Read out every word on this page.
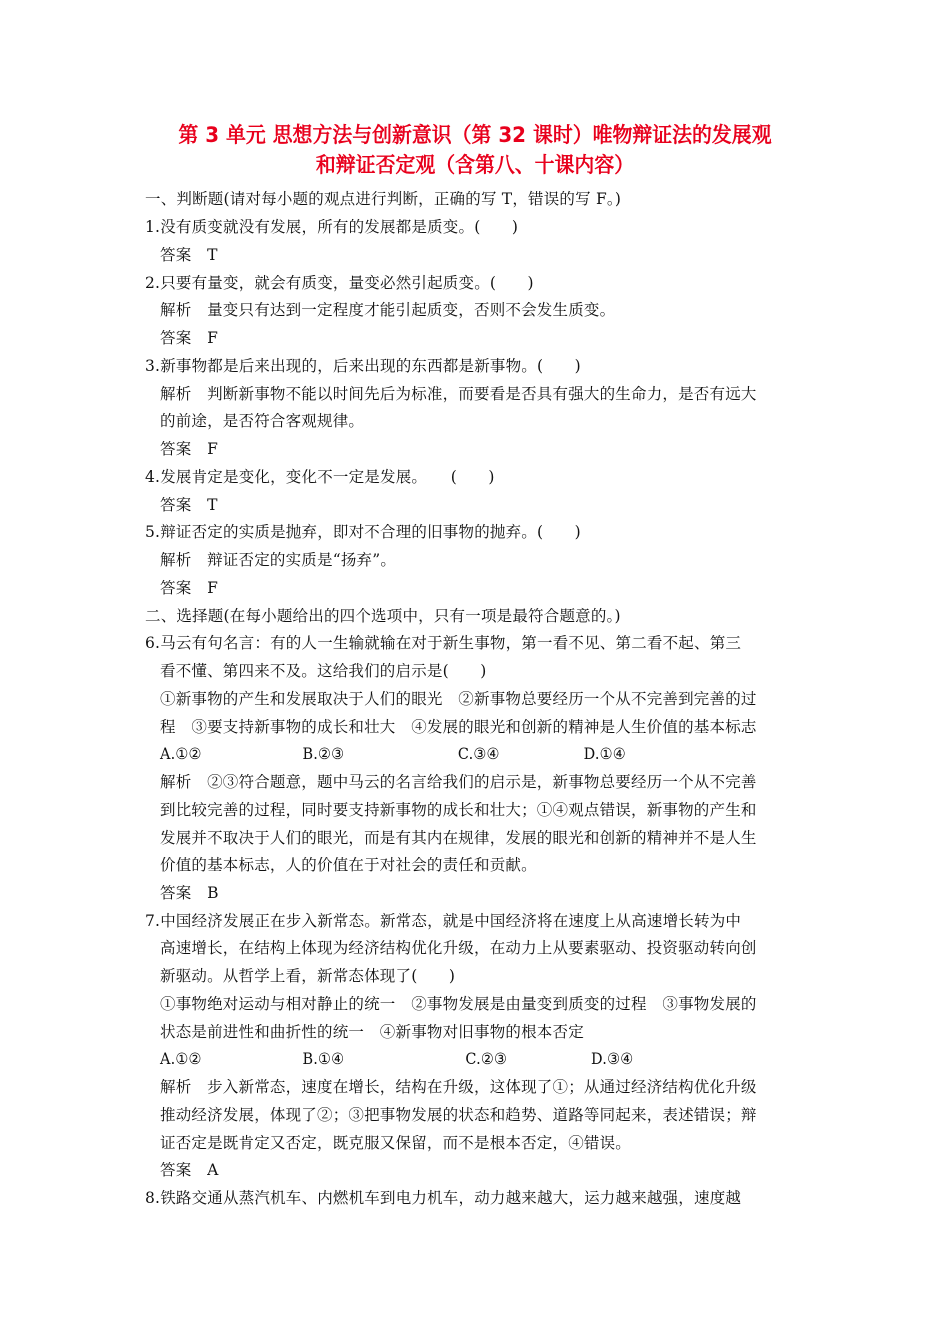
第 3 单元 思想方法与创新意识（第 32 课时）唯物辩证法的发展观
和辩证否定观（含第八、十课内容）
一、判断题(请对每小题的观点进行判断，正确的写 T，错误的写 F。)
1.没有质变就没有发展，所有的发展都是质变。(　　)
答案　T
2.只要有量变，就会有质变，量变必然引起质变。(　　)
解析　量变只有达到一定程度才能引起质变，否则不会发生质变。
答案　F
3.新事物都是后来出现的，后来出现的东西都是新事物。(　　)
解析　判断新事物不能以时间先后为标准，而要看是否具有强大的生命力，是否有远大
的前途，是否符合客观规律。
答案　F
4.发展肯定是变化，变化不一定是发展。　　(　　)
答案　T
5.辩证否定的实质是抛弃，即对不合理的旧事物的抛弃。(　　)
解析　辩证否定的实质是“扬弃”。
答案　F
二、选择题(在每小题给出的四个选项中，只有一项是最符合题意的。)
6.马云有句名言：有的人一生输就输在对于新生事物，第一看不见、第二看不起、第三
看不懂、第四来不及。这给我们的启示是(　　)
①新事物的产生和发展取决于人们的眼光　②新事物总要经历一个从不完善到完善的过
程　③要支持新事物的成长和壮大　④发展的眼光和创新的精神是人生价值的基本标志
A.①②	B.②③	C.③④	D.①④
解析　②③符合题意，题中马云的名言给我们的启示是，新事物总要经历一个从不完善
到比较完善的过程，同时要支持新事物的成长和壮大；①④观点错误，新事物的产生和
发展并不取决于人们的眼光，而是有其内在规律，发展的眼光和创新的精神并不是人生
价值的基本标志，人的价值在于对社会的责任和贡献。
答案　B
7.中国经济发展正在步入新常态。新常态，就是中国经济将在速度上从高速增长转为中
高速增长，在结构上体现为经济结构优化升级，在动力上从要素驱动、投资驱动转向创
新驱动。从哲学上看，新常态体现了(　　)
①事物绝对运动与相对静止的统一　②事物发展是由量变到质变的过程　③事物发展的
状态是前进性和曲折性的统一　④新事物对旧事物的根本否定
A.①②	B.①④	C.②③	D.③④
解析　步入新常态，速度在增长，结构在升级，这体现了①；从通过经济结构优化升级
推动经济发展，体现了②；③把事物发展的状态和趋势、道路等同起来，表述错误；辩
证否定是既肯定又否定，既克服又保留，而不是根本否定，④错误。
答案　A
8.铁路交通从蒸汽机车、内燃机车到电力机车，动力越来越大，运力越来越强，速度越
